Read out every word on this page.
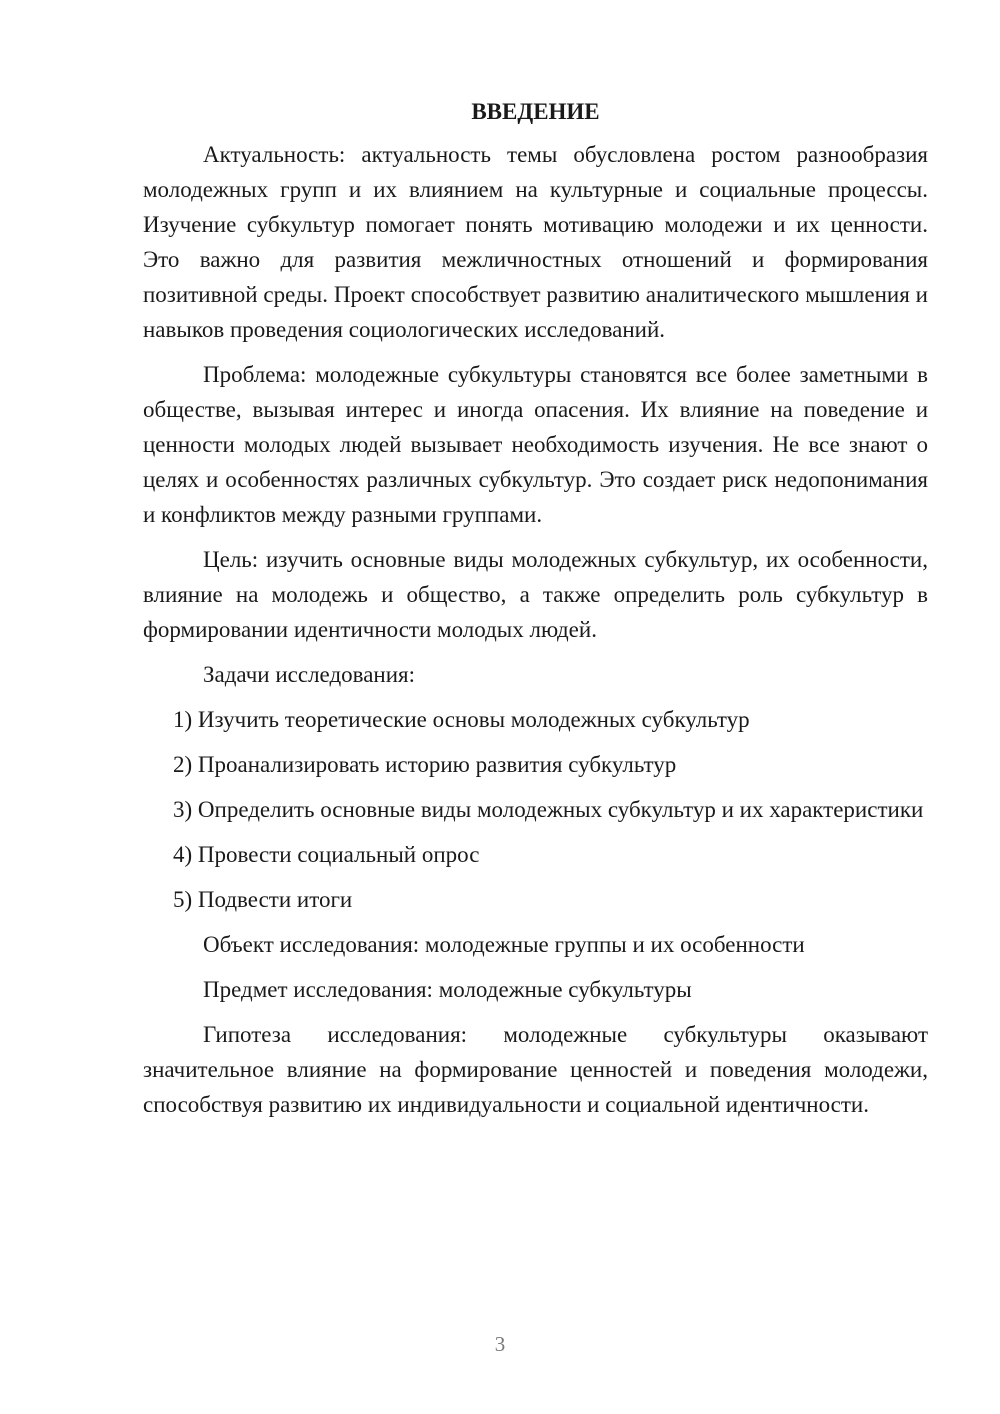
ВВЕДЕНИЕ

Актуальность: актуальность темы обусловлена ростом разнообразия молодежных групп и их влиянием на культурные и социальные процессы. Изучение субкультур помогает понять мотивацию молодежи и их ценности. Это важно для развития межличностных отношений и формирования позитивной среды. Проект способствует развитию аналитического мышления и навыков проведения социологических исследований.

Проблема: молодежные субкультуры становятся все более заметными в обществе, вызывая интерес и иногда опасения. Их влияние на поведение и ценности молодых людей вызывает необходимость изучения. Не все знают о целях и особенностях различных субкультур. Это создает риск недопонимания и конфликтов между разными группами.

Цель: изучить основные виды молодежных субкультур, их особенности, влияние на молодежь и общество, а также определить роль субкультур в формировании идентичности молодых людей.

Задачи исследования:

1) Изучить теоретические основы молодежных субкультур

2) Проанализировать историю развития субкультур

3) Определить основные виды молодежных субкультур и их характеристики

4) Провести социальный опрос

5) Подвести итоги

Объект исследования: молодежные группы и их особенности

Предмет исследования: молодежные субкультуры

Гипотеза исследования: молодежные субкультуры оказывают значительное влияние на формирование ценностей и поведения молодежи, способствуя развитию их индивидуальности и социальной идентичности.

3
